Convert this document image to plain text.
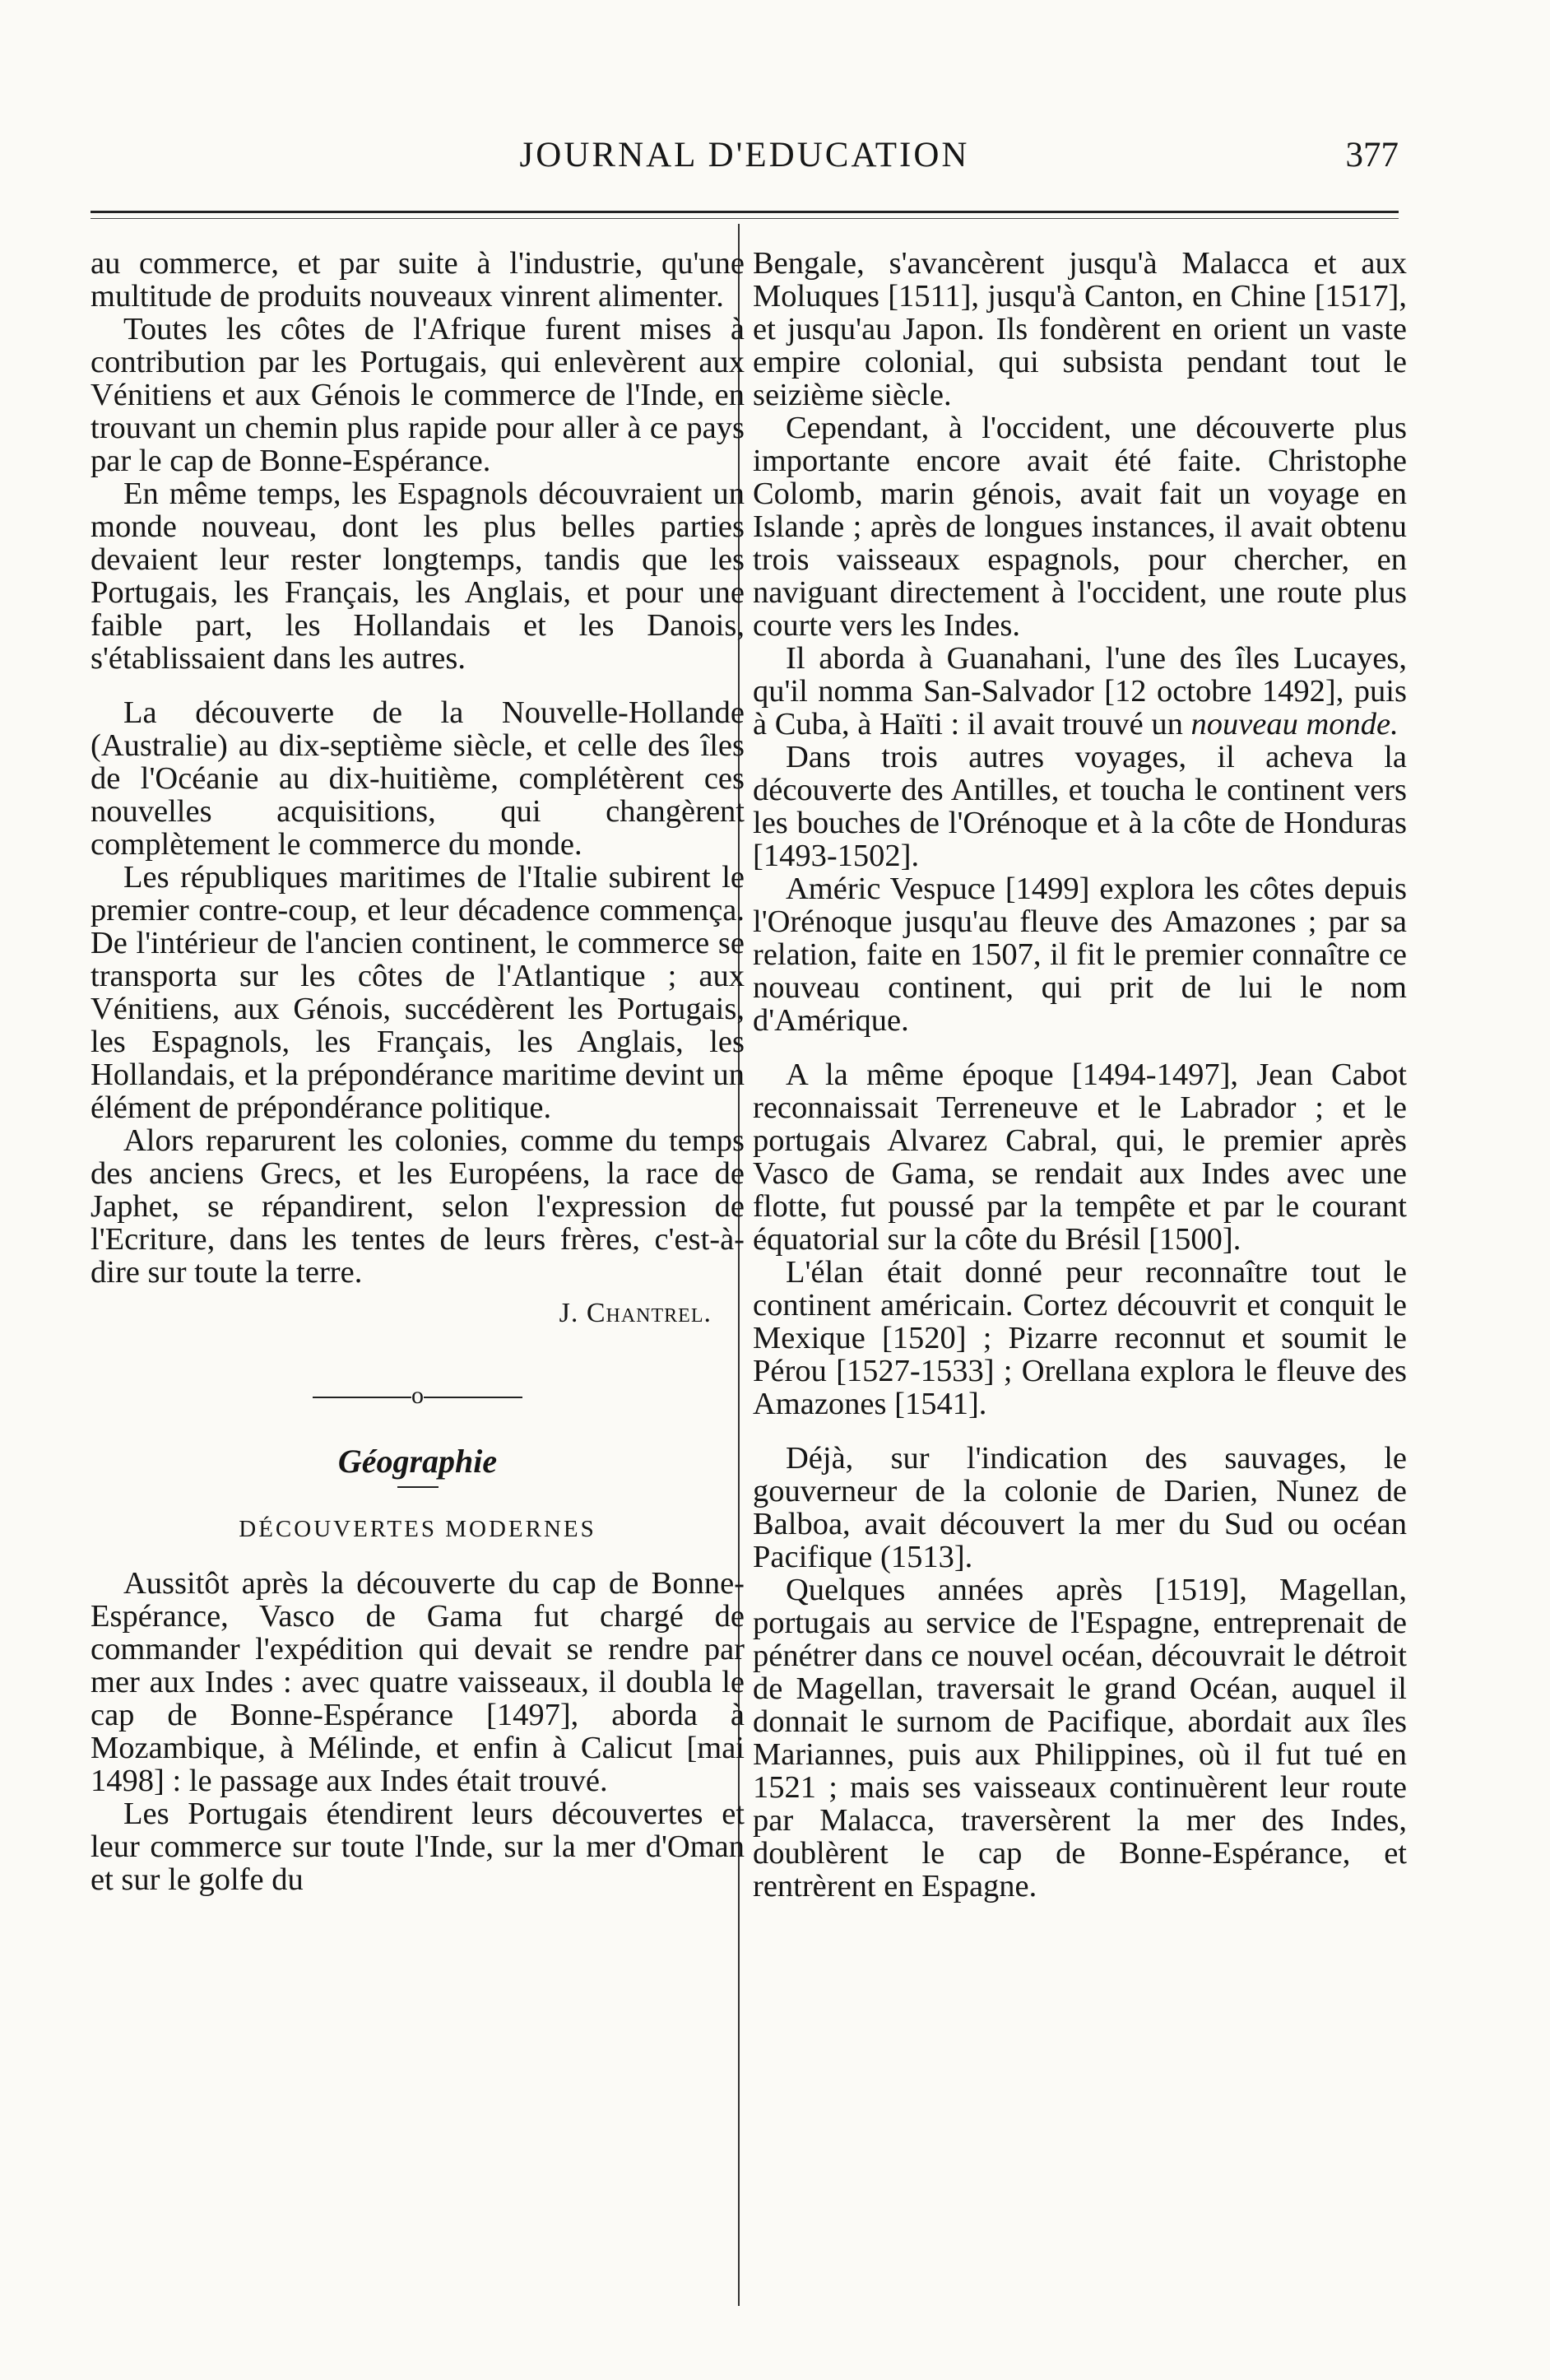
JOURNAL D'EDUCATION	377

au commerce, et par suite à l'industrie, qu'une multitude de produits nouveaux vinrent alimenter.

Toutes les côtes de l'Afrique furent mises à contribution par les Portugais, qui enlevèrent aux Vénitiens et aux Génois le commerce de l'Inde, en trouvant un chemin plus rapide pour aller à ce pays par le cap de Bonne-Espérance.

En même temps, les Espagnols découvraient un monde nouveau, dont les plus belles parties devaient leur rester longtemps, tandis que les Portugais, les Français, les Anglais, et pour une faible part, les Hollandais et les Danois, s'établissaient dans les autres.

La découverte de la Nouvelle-Hollande (Australie) au dix-septième siècle, et celle des îles de l'Océanie au dix-huitième, complétèrent ces nouvelles acquisitions, qui changèrent complètement le commerce du monde.

Les républiques maritimes de l'Italie subirent le premier contre-coup, et leur décadence commença. De l'intérieur de l'ancien continent, le commerce se transporta sur les côtes de l'Atlantique ; aux Vénitiens, aux Génois, succédèrent les Portugais, les Espagnols, les Français, les Anglais, les Hollandais, et la prépondérance maritime devint un élément de prépondérance politique.

Alors reparurent les colonies, comme du temps des anciens Grecs, et les Européens, la race de Japhet, se répandirent, selon l'expression de l'Ecriture, dans les tentes de leurs frères, c'est-à-dire sur toute la terre.

J. Chantrel.
o
Géographie
DÉCOUVERTES MODERNES

Aussitôt après la découverte du cap de Bonne-Espérance, Vasco de Gama fut chargé de commander l'expédition qui devait se rendre par mer aux Indes : avec quatre vaisseaux, il doubla le cap de Bonne-Espérance [1497], aborda à Mozambique, à Mélinde, et enfin à Calicut [mai 1498] : le passage aux Indes était trouvé.

Les Portugais étendirent leurs découvertes et leur commerce sur toute l'Inde, sur la mer d'Oman et sur le golfe du

Bengale, s'avancèrent jusqu'à Malacca et aux Moluques [1511], jusqu'à Canton, en Chine [1517], et jusqu'au Japon. Ils fondèrent en orient un vaste empire colonial, qui subsista pendant tout le seizième siècle.

Cependant, à l'occident, une découverte plus importante encore avait été faite. Christophe Colomb, marin génois, avait fait un voyage en Islande ; après de longues instances, il avait obtenu trois vaisseaux espagnols, pour chercher, en naviguant directement à l'occident, une route plus courte vers les Indes.

Il aborda à Guanahani, l'une des îles Lucayes, qu'il nomma San-Salvador [12 octobre 1492], puis à Cuba, à Haïti : il avait trouvé un nouveau monde.

Dans trois autres voyages, il acheva la découverte des Antilles, et toucha le continent vers les bouches de l'Orénoque et à la côte de Honduras [1493-1502].

Améric Vespuce [1499] explora les côtes depuis l'Orénoque jusqu'au fleuve des Amazones ; par sa relation, faite en 1507, il fit le premier connaître ce nouveau continent, qui prit de lui le nom d'Amérique.

A la même époque [1494-1497], Jean Cabot reconnaissait Terreneuve et le Labrador ; et le portugais Alvarez Cabral, qui, le premier après Vasco de Gama, se rendait aux Indes avec une flotte, fut poussé par la tempête et par le courant équatorial sur la côte du Brésil [1500].

L'élan était donné peur reconnaître tout le continent américain. Cortez découvrit et conquit le Mexique [1520] ; Pizarre reconnut et soumit le Pérou [1527-1533] ; Orellana explora le fleuve des Amazones [1541].

Déjà, sur l'indication des sauvages, le gouverneur de la colonie de Darien, Nunez de Balboa, avait découvert la mer du Sud ou océan Pacifique (1513].

Quelques années après [1519], Magellan, portugais au service de l'Espagne, entreprenait de pénétrer dans ce nouvel océan, découvrait le détroit de Magellan, traversait le grand Océan, auquel il donnait le surnom de Pacifique, abordait aux îles Mariannes, puis aux Philippines, où il fut tué en 1521 ; mais ses vaisseaux continuèrent leur route par Malacca, traversèrent la mer des Indes, doublèrent le cap de Bonne-Espérance, et rentrèrent en Espagne.
